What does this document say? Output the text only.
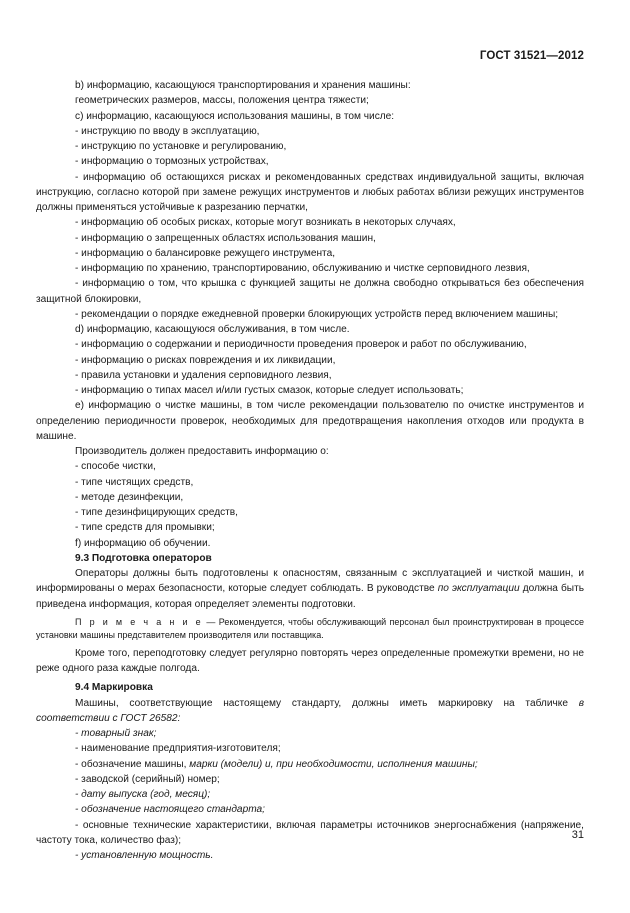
ГОСТ 31521—2012

b) информацию, касающуюся транспортирования и хранения машины:

геометрических размеров, массы, положения центра тяжести;

c) информацию, касающуюся использования машины, в том числе:

- инструкцию по вводу в эксплуатацию,

- инструкцию по установке и регулированию,

- информацию о тормозных устройствах,

- информацию об остающихся рисках и рекомендованных средствах индивидуальной защиты, включая инструкцию, согласно которой при замене режущих инструментов и любых работах вблизи режущих инструментов должны применяться устойчивые к разрезанию перчатки,

- информацию об особых рисках, которые могут возникать в некоторых случаях,

- информацию о запрещенных областях использования машин,

- информацию о балансировке режущего инструмента,

- информацию по хранению, транспортированию, обслуживанию и чистке серповидного лезвия,

- информацию о том, что крышка с функцией защиты не должна свободно открываться без обеспечения защитной блокировки,

- рекомендации о порядке ежедневной проверки блокирующих устройств перед включением машины;

d) информацию, касающуюся обслуживания, в том числе.

- информацию о содержании и периодичности проведения проверок и работ по обслуживанию,

- информацию о рисках повреждения и их ликвидации,

- правила установки и удаления серповидного лезвия,

- информацию о типах масел и/или густых смазок, которые следует использовать;

e) информацию о чистке машины, в том числе рекомендации пользователю по очистке инструментов и определению периодичности проверок, необходимых для предотвращения накопления отходов или продукта в машине.

Производитель должен предоставить информацию о:

- способе чистки,

- типе чистящих средств,

- методе дезинфекции,

- типе дезинфицирующих средств,

- типе средств для промывки;

f) информацию об обучении.

9.3 Подготовка операторов

Операторы должны быть подготовлены к опасностям, связанным с эксплуатацией и чисткой машин, и информированы о мерах безопасности, которые следует соблюдать. В руководстве по эксплуатации должна быть приведена информация, которая определяет элементы подготовки.

П р и м е ч а н и е — Рекомендуется, чтобы обслуживающий персонал был проинструктирован в процессе установки машины представителем производителя или поставщика.

Кроме того, переподготовку следует регулярно повторять через определенные промежутки времени, но не реже одного раза каждые полгода.

9.4 Маркировка

Машины, соответствующие настоящему стандарту, должны иметь маркировку на табличке в соответствии с ГОСТ 26582:

- товарный знак;

- наименование предприятия-изготовителя;

- обозначение машины, марки (модели) и, при необходимости, исполнения машины;

- заводской (серийный) номер;

- дату выпуска (год, месяц);

- обозначение настоящего стандарта;

- основные технические характеристики, включая параметры источников энергоснабжения (напряжение, частоту тока, количество фаз);

- установленную мощность.

31
